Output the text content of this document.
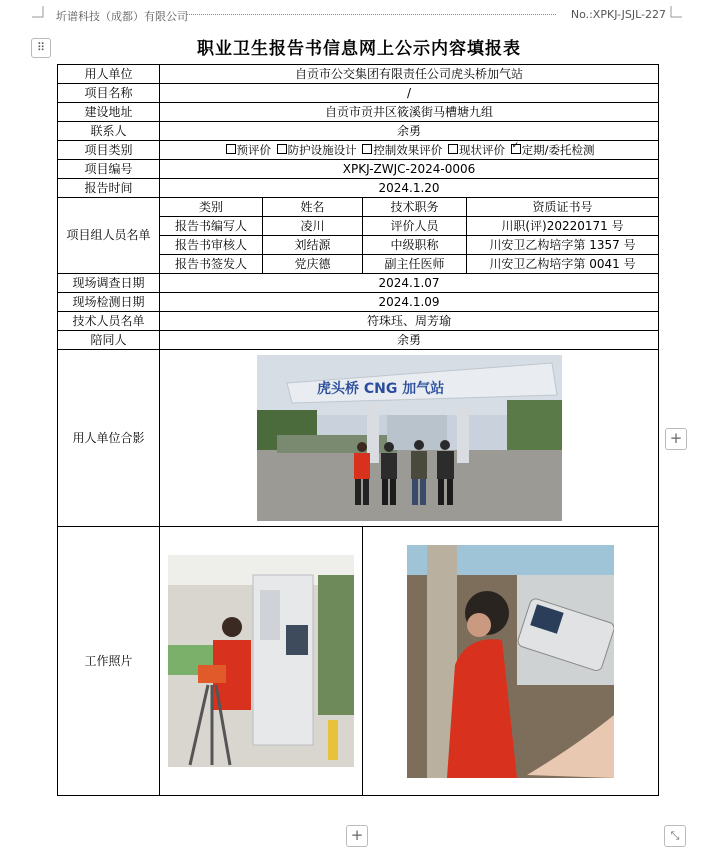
圻谱科技（成都）有限公司	No.:XPKJ-JSJL-227
⠿	职业卫生报告书信息网上公示内容填报表
用人单位	自贡市公交集团有限责任公司虎头桥加气站			
项目名称	/			
建设地址	自贡市贡井区筱溪街马槽塘九组			
联系人	余勇			
项目类别	预评价 防护设施设计 控制效果评价 现状评价 ✓ 定期/委托检测
项目编号	XPKJ-ZWJC-2024-0006			
报告时间	2024.1.20			
项目组人员名单	类别	姓名	技术职务	资质证书号
	报告书编写人	凌川	评价人员	川职(评)20220171 号
	报告书审核人	刘结源	中级职称	川安卫乙构培字第 1357 号
	报告书签发人	党庆德	副主任医师	川安卫乙构培字第 0041 号
现场调查日期	2024.1.07			
现场检测日期	2024.1.09			
技术人员名单	符珠珏、周芳瑜			
陪同人	余勇			
用人单位合影	虎头桥 CNG 加气站			

工作照片	

+
+	⤡
